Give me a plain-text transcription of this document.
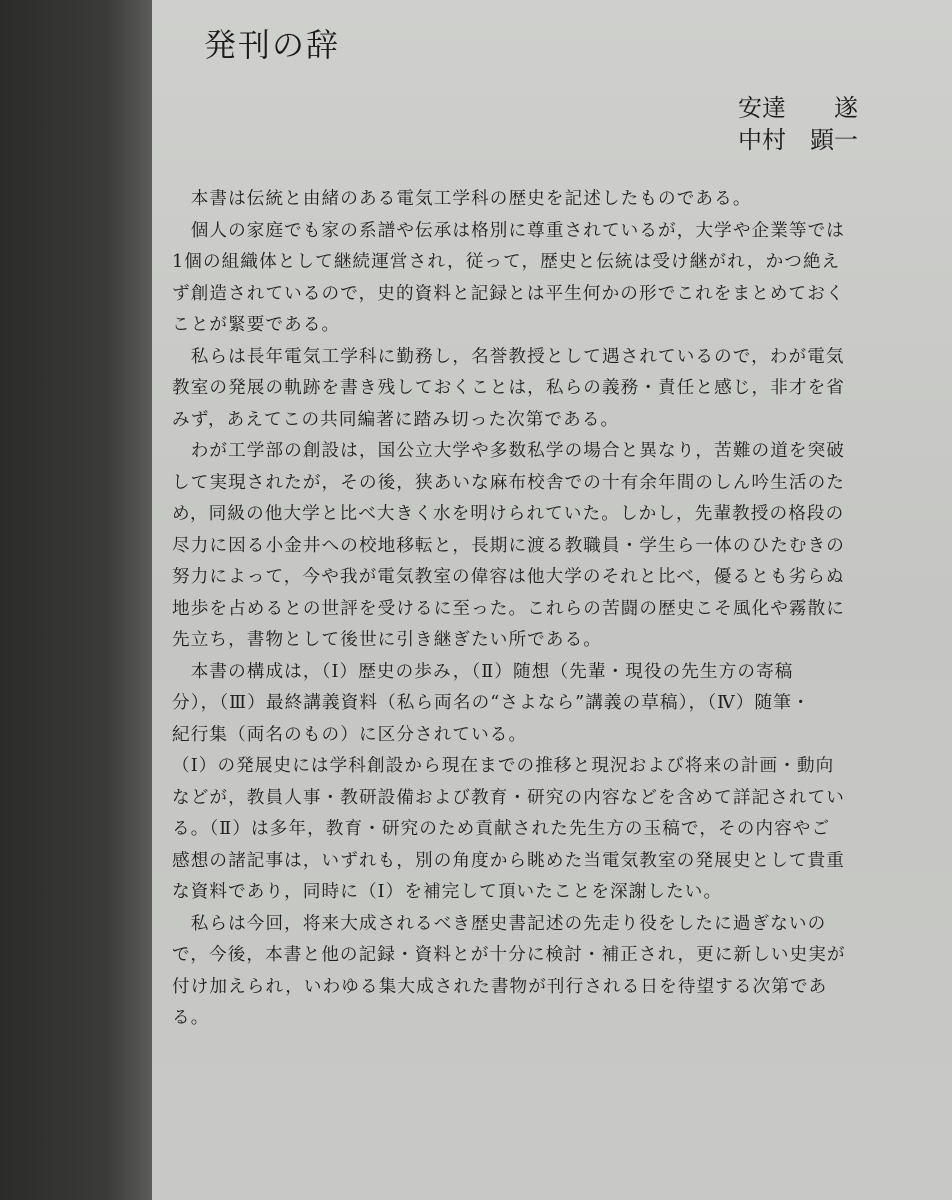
発刊の辞
安達　　遂
中村　顕一
　本書は伝統と由緒のある電気工学科の歴史を記述したものである。
　個人の家庭でも家の系譜や伝承は格別に尊重されているが，大学や企業等では
1個の組織体として継続運営され，従って，歴史と伝統は受け継がれ，かつ絶え
ず創造されているので，史的資料と記録とは平生何かの形でこれをまとめておく
ことが緊要である。
　私らは長年電気工学科に勤務し，名誉教授として遇されているので，わが電気
教室の発展の軌跡を書き残しておくことは，私らの義務・責任と感じ，非才を省
みず，あえてこの共同編著に踏み切った次第である。
　わが工学部の創設は，国公立大学や多数私学の場合と異なり，苦難の道を突破
して実現されたが，その後，狭あいな麻布校舎での十有余年間のしん吟生活のた
め，同級の他大学と比べ大きく水を明けられていた。しかし，先輩教授の格段の
尽力に因る小金井への校地移転と，長期に渡る教職員・学生ら一体のひたむきの
努力によって，今や我が電気教室の偉容は他大学のそれと比べ，優るとも劣らぬ
地歩を占めるとの世評を受けるに至った。これらの苦闘の歴史こそ風化や霧散に
先立ち，書物として後世に引き継ぎたい所である。
　本書の構成は，（Ⅰ）歴史の歩み，（Ⅱ）随想（先輩・現役の先生方の寄稿
分），（Ⅲ）最終講義資料（私ら両名の“さよなら”講義の草稿），（Ⅳ）随筆・
紀行集（両名のもの）に区分されている。
（Ⅰ）の発展史には学科創設から現在までの推移と現況および将来の計画・動向
などが，教員人事・教研設備および教育・研究の内容などを含めて詳記されてい
る。（Ⅱ）は多年，教育・研究のため貢献された先生方の玉稿で，その内容やご
感想の諸記事は，いずれも，別の角度から眺めた当電気教室の発展史として貴重
な資料であり，同時に（Ⅰ）を補完して頂いたことを深謝したい。
　私らは今回，将来大成されるべき歴史書記述の先走り役をしたに過ぎないの
で，今後，本書と他の記録・資料とが十分に検討・補正され，更に新しい史実が
付け加えられ，いわゆる集大成された書物が刊行される日を待望する次第であ
る。
